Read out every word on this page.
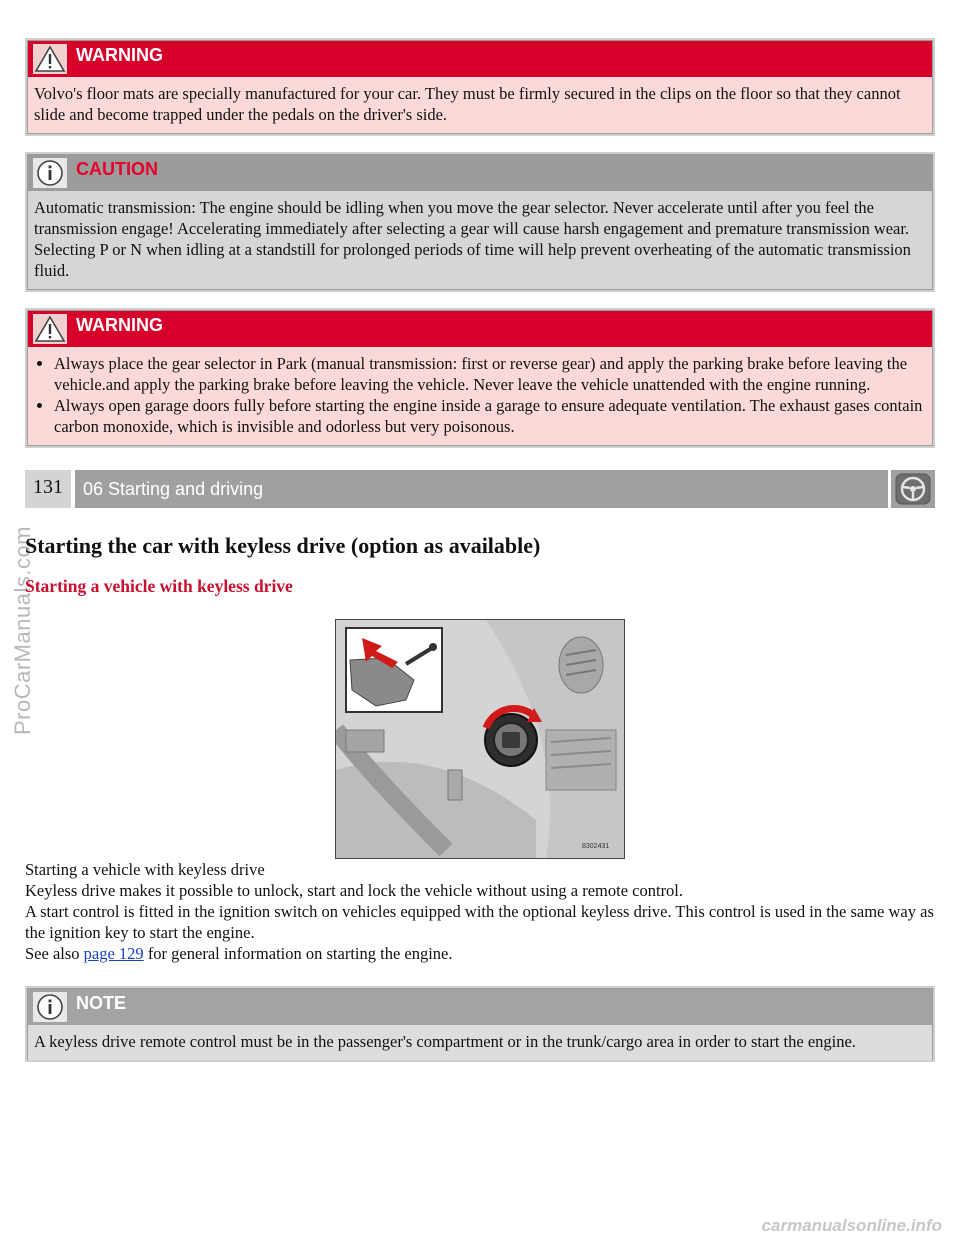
ProCarManuals.com
WARNING
Volvo's floor mats are specially manufactured for your car. They must be firmly secured in the clips on the floor so that they cannot slide and become trapped under the pedals on the driver's side.
CAUTION
Automatic transmission: The engine should be idling when you move the gear selector. Never accelerate until after you feel the transmission engage! Accelerating immediately after selecting a gear will cause harsh engagement and premature transmission wear. Selecting P or N when idling at a standstill for prolonged periods of time will help prevent overheating of the automatic transmission fluid.
WARNING
• Always place the gear selector in Park (manual transmission: first or reverse gear) and apply the parking brake before leaving the vehicle.and apply the parking brake before leaving the vehicle. Never leave the vehicle unattended with the engine running.
• Always open garage doors fully before starting the engine inside a garage to ensure adequate ventilation. The exhaust gases contain carbon monoxide, which is invisible and odorless but very poisonous.
131	06 Starting and driving
Starting the car with keyless drive (option as available)
Starting a vehicle with keyless drive
8302431

Starting a vehicle with keyless drive

Keyless drive makes it possible to unlock, start and lock the vehicle without using a remote control.

A start control is fitted in the ignition switch on vehicles equipped with the optional keyless drive. This control is used in the same way as the ignition key to start the engine.

See also page 129 for general information on starting the engine.

NOTE
A keyless drive remote control must be in the passenger's compartment or in the trunk/cargo area in order to start the engine.
carmanualsonline.info
